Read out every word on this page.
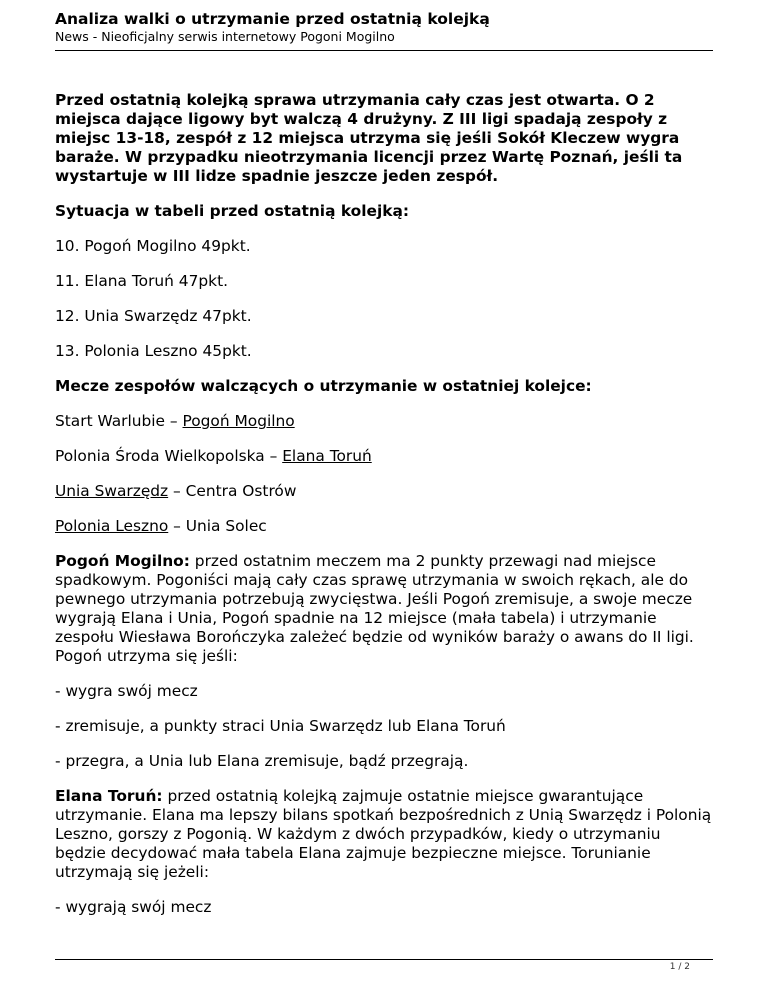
Analiza walki o utrzymanie przed ostatnią kolejką
News - Nieoficjalny serwis internetowy Pogoni Mogilno

Przed ostatnią kolejką sprawa utrzymania cały czas jest otwarta. O 2 miejsca dające ligowy byt walczą 4 drużyny. Z III ligi spadają zespoły z miejsc 13-18, zespół z 12 miejsca utrzyma się jeśli Sokół Kleczew wygra baraże. W przypadku nieotrzymania licencji przez Wartę Poznań, jeśli ta wystartuje w III lidze spadnie jeszcze jeden zespół.

Sytuacja w tabeli przed ostatnią kolejką:

10. Pogoń Mogilno 49pkt.

11. Elana Toruń 47pkt.

12. Unia Swarzędz 47pkt.

13. Polonia Leszno 45pkt.

Mecze zespołów walczących o utrzymanie w ostatniej kolejce:

Start Warlubie – Pogoń Mogilno

Polonia Środa Wielkopolska – Elana Toruń

Unia Swarzędz – Centra Ostrów

Polonia Leszno – Unia Solec

Pogoń Mogilno: przed ostatnim meczem ma 2 punkty przewagi nad miejsce spadkowym. Pogoniści mają cały czas sprawę utrzymania w swoich rękach, ale do pewnego utrzymania potrzebują zwycięstwa. Jeśli Pogoń zremisuje, a swoje mecze wygrają Elana i Unia, Pogoń spadnie na 12 miejsce (mała tabela) i utrzymanie zespołu Wiesława Borończyka zależeć będzie od wyników baraży o awans do II ligi. Pogoń utrzyma się jeśli:

- wygra swój mecz

- zremisuje, a punkty straci Unia Swarzędz lub Elana Toruń

- przegra, a Unia lub Elana zremisuje, bądź przegrają.

Elana Toruń: przed ostatnią kolejką zajmuje ostatnie miejsce gwarantujące utrzymanie. Elana ma lepszy bilans spotkań bezpośrednich z Unią Swarzędz i Polonią Leszno, gorszy z Pogonią. W każdym z dwóch przypadków, kiedy o utrzymaniu będzie decydować mała tabela Elana zajmuje bezpieczne miejsce. Torunianie utrzymają się jeżeli:

- wygrają swój mecz

1 / 2
